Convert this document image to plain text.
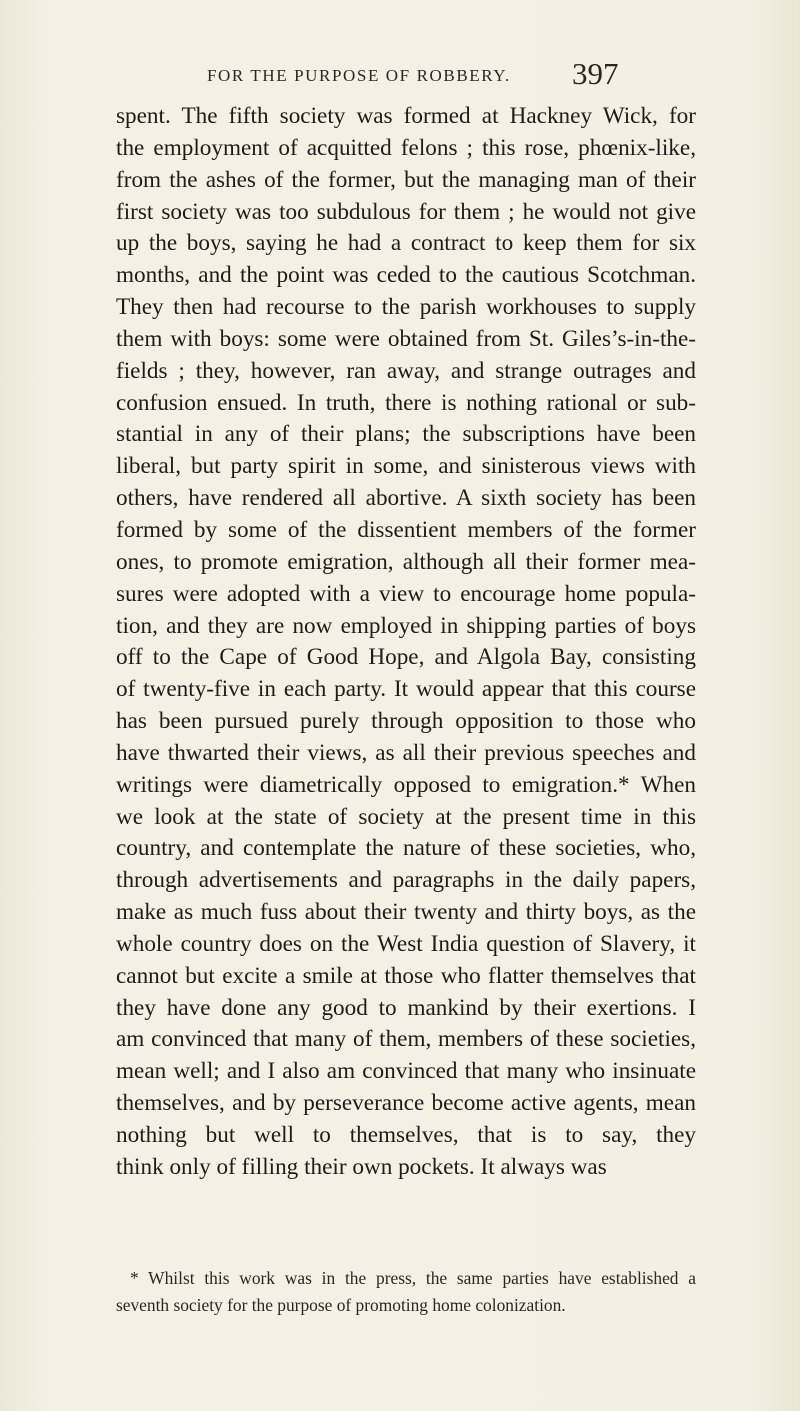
FOR THE PURPOSE OF ROBBERY. 397
spent. The fifth society was formed at Hackney Wick, for
the employment of acquitted felons ; this rose, phœnix-like,
from the ashes of the former, but the managing man of their
first society was too subdulous for them ; he would not give
up the boys, saying he had a contract to keep them for six
months, and the point was ceded to the cautious Scotchman.
They then had recourse to the parish workhouses to supply
them with boys: some were obtained from St. Giles’s-in-the-
fields ; they, however, ran away, and strange outrages and
confusion ensued. In truth, there is nothing rational or sub-
stantial in any of their plans; the subscriptions have been
liberal, but party spirit in some, and sinisterous views with
others, have rendered all abortive. A sixth society has been
formed by some of the dissentient members of the former
ones, to promote emigration, although all their former mea-
sures were adopted with a view to encourage home popula-
tion, and they are now employed in shipping parties of boys
off to the Cape of Good Hope, and Algola Bay, consisting
of twenty-five in each party. It would appear that this course
has been pursued purely through opposition to those who
have thwarted their views, as all their previous speeches and
writings were diametrically opposed to emigration.* When
we look at the state of society at the present time in this
country, and contemplate the nature of these societies, who,
through advertisements and paragraphs in the daily papers,
make as much fuss about their twenty and thirty boys, as the
whole country does on the West India question of Slavery, it
cannot but excite a smile at those who flatter themselves that
they have done any good to mankind by their exertions. I
am convinced that many of them, members of these societies,
mean well; and I also am convinced that many who insinuate
themselves, and by perseverance become active agents, mean
nothing but well to themselves, that is to say, they
think only of filling their own pockets. It always was
* Whilst this work was in the press, the same parties have established a
seventh society for the purpose of promoting home colonization.
